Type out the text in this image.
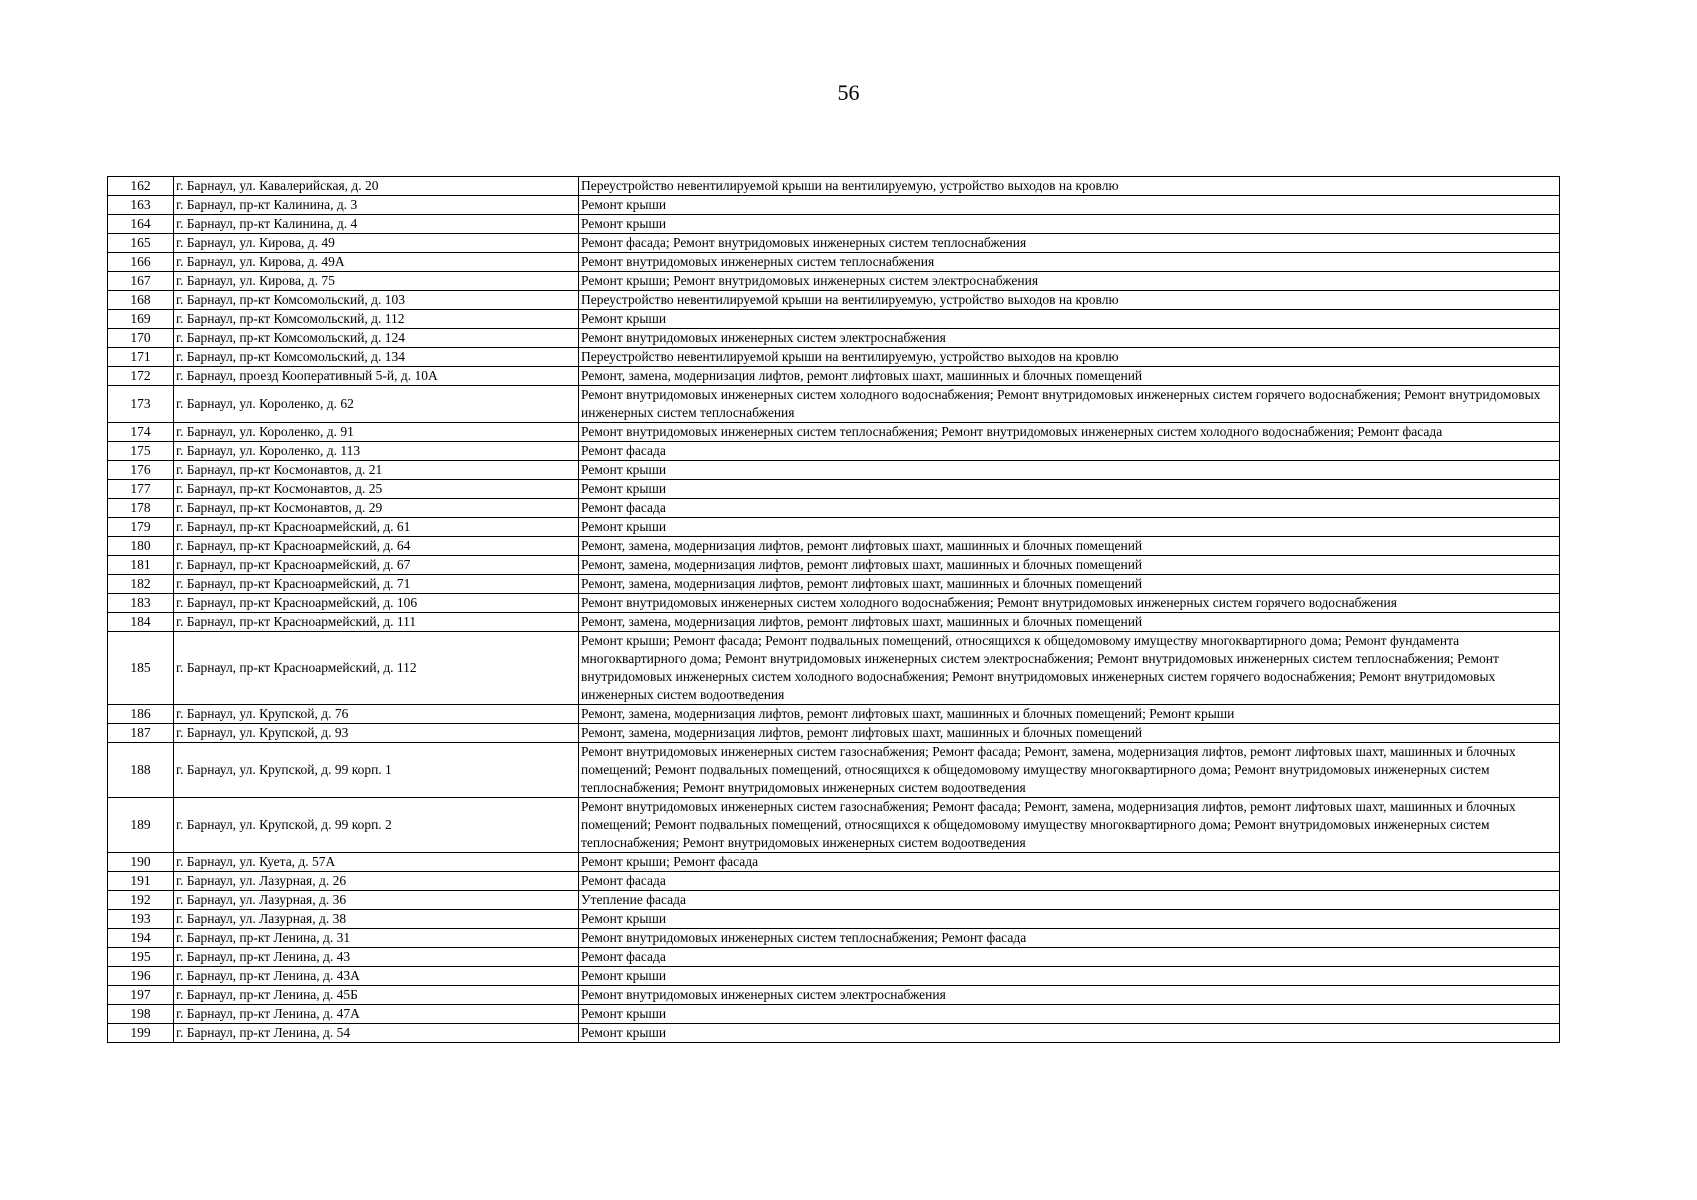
56
162	г. Барнаул, ул. Кавалерийская, д. 20	Переустройство невентилируемой крыши на вентилируемую, устройство выходов на кровлю
163	г. Барнаул, пр-кт Калинина, д. 3	Ремонт крыши
164	г. Барнаул, пр-кт Калинина, д. 4	Ремонт крыши
165	г. Барнаул, ул. Кирова, д. 49	Ремонт фасада; Ремонт внутридомовых инженерных систем теплоснабжения
166	г. Барнаул, ул. Кирова, д. 49А	Ремонт внутридомовых инженерных систем теплоснабжения
167	г. Барнаул, ул. Кирова, д. 75	Ремонт крыши; Ремонт внутридомовых инженерных систем электроснабжения
168	г. Барнаул, пр-кт Комсомольский, д. 103	Переустройство невентилируемой крыши на вентилируемую, устройство выходов на кровлю
169	г. Барнаул, пр-кт Комсомольский, д. 112	Ремонт крыши
170	г. Барнаул, пр-кт Комсомольский, д. 124	Ремонт внутридомовых инженерных систем электроснабжения
171	г. Барнаул, пр-кт Комсомольский, д. 134	Переустройство невентилируемой крыши на вентилируемую, устройство выходов на кровлю
172	г. Барнаул, проезд Кооперативный 5-й, д. 10А	Ремонт, замена, модернизация лифтов, ремонт лифтовых шахт, машинных и блочных помещений
173	г. Барнаул, ул. Короленко, д. 62	Ремонт внутридомовых инженерных систем холодного водоснабжения; Ремонт внутридомовых инженерных систем горячего водоснабжения; Ремонт внутридомовых инженерных систем теплоснабжения
174	г. Барнаул, ул. Короленко, д. 91	Ремонт внутридомовых инженерных систем теплоснабжения; Ремонт внутридомовых инженерных систем холодного водоснабжения; Ремонт фасада
175	г. Барнаул, ул. Короленко, д. 113	Ремонт фасада
176	г. Барнаул, пр-кт Космонавтов, д. 21	Ремонт крыши
177	г. Барнаул, пр-кт Космонавтов, д. 25	Ремонт крыши
178	г. Барнаул, пр-кт Космонавтов, д. 29	Ремонт фасада
179	г. Барнаул, пр-кт Красноармейский, д. 61	Ремонт крыши
180	г. Барнаул, пр-кт Красноармейский, д. 64	Ремонт, замена, модернизация лифтов, ремонт лифтовых шахт, машинных и блочных помещений
181	г. Барнаул, пр-кт Красноармейский, д. 67	Ремонт, замена, модернизация лифтов, ремонт лифтовых шахт, машинных и блочных помещений
182	г. Барнаул, пр-кт Красноармейский, д. 71	Ремонт, замена, модернизация лифтов, ремонт лифтовых шахт, машинных и блочных помещений
183	г. Барнаул, пр-кт Красноармейский, д. 106	Ремонт внутридомовых инженерных систем холодного водоснабжения; Ремонт внутридомовых инженерных систем горячего водоснабжения
184	г. Барнаул, пр-кт Красноармейский, д. 111	Ремонт, замена, модернизация лифтов, ремонт лифтовых шахт, машинных и блочных помещений
185	г. Барнаул, пр-кт Красноармейский, д. 112	Ремонт крыши; Ремонт фасада; Ремонт подвальных помещений, относящихся к общедомовому имуществу многоквартирного дома; Ремонт фундамента многоквартирного дома; Ремонт внутридомовых инженерных систем электроснабжения; Ремонт внутридомовых инженерных систем теплоснабжения; Ремонт внутридомовых инженерных систем холодного водоснабжения; Ремонт внутридомовых инженерных систем горячего водоснабжения; Ремонт внутридомовых инженерных систем водоотведения
186	г. Барнаул, ул. Крупской, д. 76	Ремонт, замена, модернизация лифтов, ремонт лифтовых шахт, машинных и блочных помещений; Ремонт крыши
187	г. Барнаул, ул. Крупской, д. 93	Ремонт, замена, модернизация лифтов, ремонт лифтовых шахт, машинных и блочных помещений
188	г. Барнаул, ул. Крупской, д. 99 корп. 1	Ремонт внутридомовых инженерных систем газоснабжения; Ремонт фасада; Ремонт, замена, модернизация лифтов, ремонт лифтовых шахт, машинных и блочных помещений; Ремонт подвальных помещений, относящихся к общедомовому имуществу многоквартирного дома; Ремонт внутридомовых инженерных систем теплоснабжения; Ремонт внутридомовых инженерных систем водоотведения
189	г. Барнаул, ул. Крупской, д. 99 корп. 2	Ремонт внутридомовых инженерных систем газоснабжения; Ремонт фасада; Ремонт, замена, модернизация лифтов, ремонт лифтовых шахт, машинных и блочных помещений; Ремонт подвальных помещений, относящихся к общедомовому имуществу многоквартирного дома; Ремонт внутридомовых инженерных систем теплоснабжения; Ремонт внутридомовых инженерных систем водоотведения
190	г. Барнаул, ул. Куета, д. 57А	Ремонт крыши; Ремонт фасада
191	г. Барнаул, ул. Лазурная, д. 26	Ремонт фасада
192	г. Барнаул, ул. Лазурная, д. 36	Утепление фасада
193	г. Барнаул, ул. Лазурная, д. 38	Ремонт крыши
194	г. Барнаул, пр-кт Ленина, д. 31	Ремонт внутридомовых инженерных систем теплоснабжения; Ремонт фасада
195	г. Барнаул, пр-кт Ленина, д. 43	Ремонт фасада
196	г. Барнаул, пр-кт Ленина, д. 43А	Ремонт крыши
197	г. Барнаул, пр-кт Ленина, д. 45Б	Ремонт внутридомовых инженерных систем электроснабжения
198	г. Барнаул, пр-кт Ленина, д. 47А	Ремонт крыши
199	г. Барнаул, пр-кт Ленина, д. 54	Ремонт крыши
